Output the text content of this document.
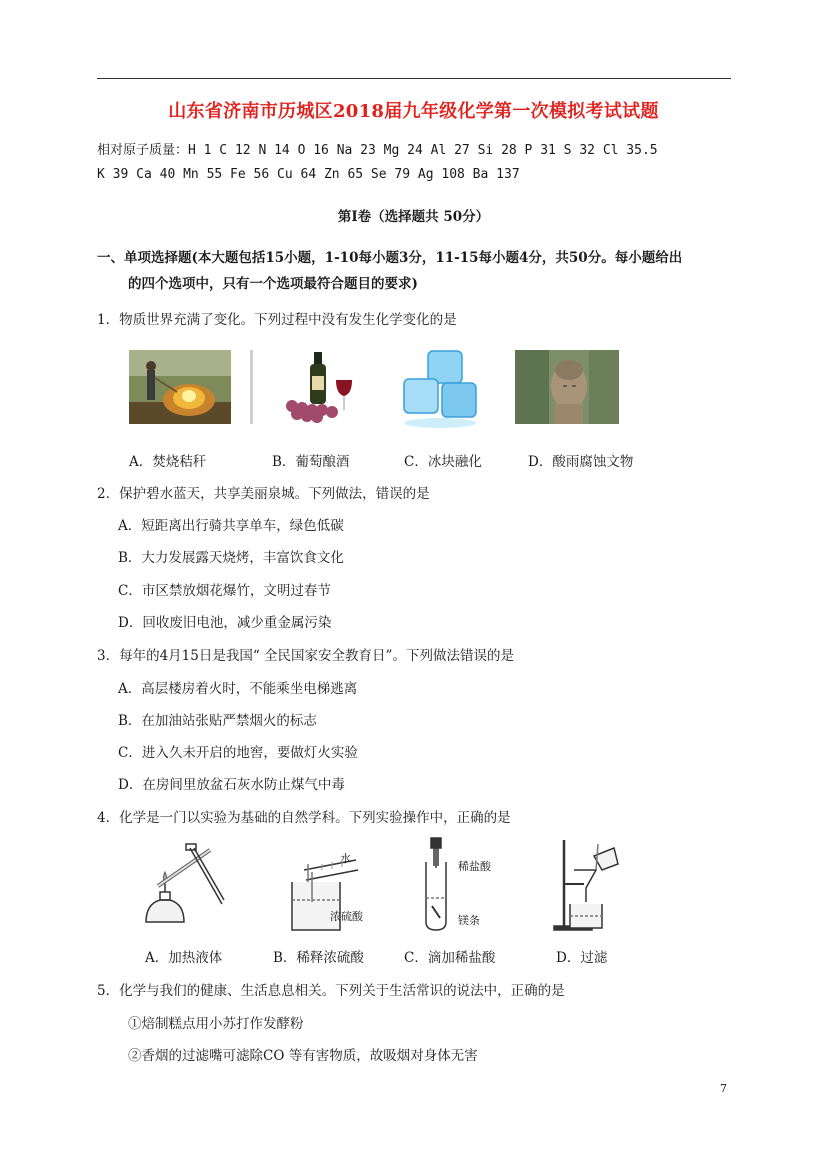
山东省济南市历城区2018届九年级化学第一次模拟考试试题
相对原子质量：H 1 C 12 N 14 O 16 Na 23 Mg 24 Al 27 Si 28 P 31 S 32 Cl 35.5
K 39 Ca 40 Mn 55 Fe 56 Cu 64 Zn 65 Se 79 Ag 108 Ba 137
第Ⅰ卷（选择题共 50分）
一、单项选择题(本大题包括15小题，1-10每小题3分，11-15每小题4分，共50分。每小题给出
的四个选项中，只有一个选项最符合题目的要求)
1．物质世界充满了变化。下列过程中没有发生化学变化的是
A．焚烧秸秆	B．葡萄酿酒	C．冰块融化	D．酸雨腐蚀文物
2．保护碧水蓝天，共享美丽泉城。下列做法，错误的是
A．短距离出行骑共享单车，绿色低碳
B．大力发展露天烧烤，丰富饮食文化
C．市区禁放烟花爆竹，文明过春节
D．回收废旧电池，减少重金属污染
3．每年的4月15日是我国“ 全民国家安全教育日”。下列做法错误的是
A．高层楼房着火时，不能乘坐电梯逃离
B．在加油站张贴严禁烟火的标志
C．进入久未开启的地窖，要做灯火实验
D．在房间里放盆石灰水防止煤气中毒
4．化学是一门以实验为基础的自然学科。下列实验操作中，正确的是
水
浓硫酸
稀盐酸
镁条
A．加热液体	B．稀释浓硫酸	C．滴加稀盐酸	D．过滤
5．化学与我们的健康、生活息息相关。下列关于生活常识的说法中，正确的是
①焙制糕点用小苏打作发酵粉
②香烟的过滤嘴可滤除CO 等有害物质，故吸烟对身体无害
7
